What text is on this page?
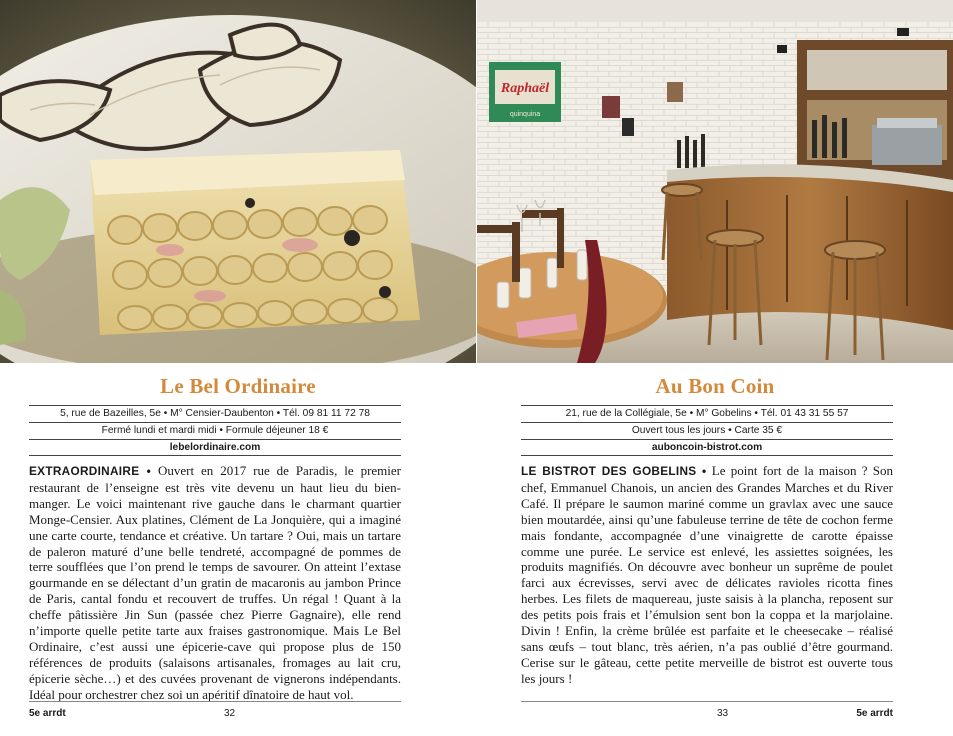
Le Bel Ordinaire
5, rue de Bazeilles, 5e • M° Censier-Daubenton • Tél. 09 81 11 72 78
Fermé lundi et mardi midi • Formule déjeuner 18 €
lebelordinaire.com
EXTRAORDINAIRE • Ouvert en 2017 rue de Paradis, le premier restaurant de l’enseigne est très vite devenu un haut lieu du bien-manger. Le voici maintenant rive gauche dans le charmant quartier Monge-Censier. Aux platines, Clément de La Jonquière, qui a imaginé une carte courte, tendance et créative. Un tartare ? Oui, mais un tartare de paleron maturé d’une belle tendreté, accompagné de pommes de terre soufflées que l’on prend le temps de savourer. On atteint l’extase gourmande en se délectant d’un gratin de macaronis au jambon Prince de Paris, cantal fondu et recouvert de truffes. Un régal ! Quant à la cheffe pâtissière Jin Sun (passée chez Pierre Gagnaire), elle rend n’importe quelle petite tarte aux fraises gastronomique. Mais Le Bel Ordinaire, c’est aussi une épicerie-cave qui propose plus de 150 références de produits (salaisons artisanales, fromages au lait cru, épicerie sèche…) et des cuvées provenant de vignerons indépendants. Idéal pour orchestrer chez soi un apéritif dînatoire de haut vol.
5e arrdt	32
Raphaël
quinquina
Au Bon Coin
21, rue de la Collégiale, 5e • M° Gobelins • Tél. 01 43 31 55 57
Ouvert tous les jours • Carte 35 €
auboncoin-bistrot.com
LE BISTROT DES GOBELINS • Le point fort de la maison ? Son chef, Emmanuel Chanois, un ancien des Grandes Marches et du River Café. Il prépare le saumon mariné comme un gravlax avec une sauce bien moutardée, ainsi qu’une fabuleuse terrine de tête de cochon ferme mais fondante, accompagnée d’une vinaigrette de carotte épaisse comme une purée. Le service est enlevé, les assiettes soignées, les produits magnifiés. On découvre avec bonheur un suprême de poulet farci aux écrevisses, servi avec de délicates ravioles ricotta fines herbes. Les filets de maquereau, juste saisis à la plancha, reposent sur des petits pois frais et l’émulsion sent bon la coppa et la marjolaine. Divin ! Enfin, la crème brûlée est parfaite et le cheesecake – réalisé sans œufs – tout blanc, très aérien, n’a pas oublié d’être gourmand. Cerise sur le gâteau, cette petite merveille de bistrot est ouverte tous les jours !
33	5e arrdt
